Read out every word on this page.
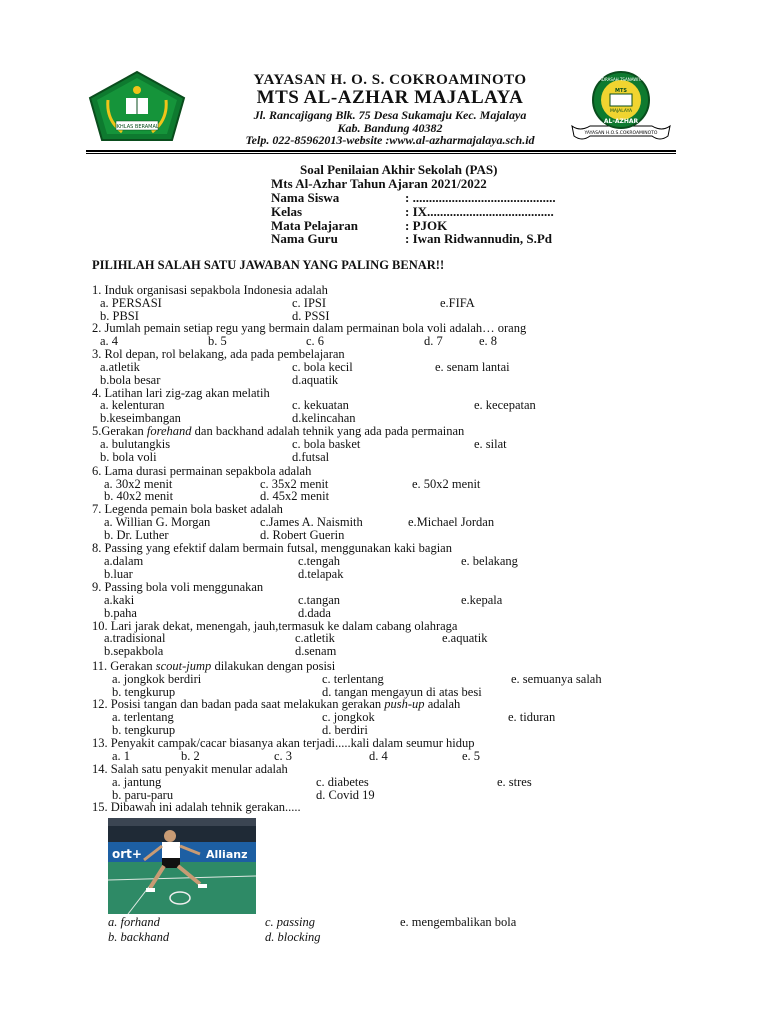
IKHLAS BERAMAL
YAYASAN H.O.S.COKROAMINOTO
MADRASAH TSANAWIYAH
MTS
MAJALAYA
AL-AZHAR
YAYASAN H. O. S. COKROAMINOTO
MTS AL-AZHAR MAJALAYA
Jl. Rancajigang Blk. 75 Desa Sukamaju Kec. Majalaya
Kab. Bandung 40382
Telp. 022-85962013-website :www.al-azharmajalaya.sch.id
Soal Penilaian Akhir Sekolah (PAS)
Mts Al-Azhar Tahun Ajaran 2021/2022
Nama Siswa	: ............................................
Kelas	: IX.......................................
Mata Pelajaran	: PJOK
Nama Guru	: Iwan Ridwannudin, S.Pd
PILIHLAH SALAH SATU JAWABAN YANG PALING BENAR!!
1. Induk organisasi sepakbola Indonesia adalah
a. PERSASI	c. IPSI	e.FIFA
b. PBSI	d. PSSI
2. Jumlah pemain setiap regu yang bermain dalam permainan bola voli adalah… orang
a. 4	b. 5	c. 6	d. 7	e. 8
3. Rol depan, rol belakang, ada pada pembelajaran
a.atletik	c. bola kecil	e. senam lantai
b.bola besar	d.aquatik
4. Latihan lari zig-zag akan melatih
a. kelenturan	c. kekuatan	e. kecepatan
b.keseimbangan	d.kelincahan
5.Gerakan forehand dan backhand adalah tehnik yang ada pada permainan
a. bulutangkis	c. bola basket	e. silat
b. bola voli	d.futsal
6. Lama durasi permainan sepakbola adalah
a. 30x2 menit	c. 35x2 menit	e. 50x2 menit
b. 40x2 menit	d. 45x2 menit
7. Legenda pemain bola basket adalah
a. Willian G. Morgan	c.James A. Naismith	e.Michael Jordan
b. Dr. Luther	d. Robert Guerin
8. Passing yang efektif dalam bermain futsal, menggunakan kaki bagian
a.dalam	c.tengah	e. belakang
b.luar	d.telapak
9. Passing bola voli menggunakan
a.kaki	c.tangan	e.kepala
b.paha	d.dada
10. Lari jarak dekat, menengah, jauh,termasuk ke dalam cabang olahraga
a.tradisional	c.atletik	e.aquatik
b.sepakbola	d.senam
11. Gerakan scout-jump dilakukan dengan posisi
a. jongkok berdiri	c. terlentang	e. semuanya salah
b. tengkurup	d. tangan mengayun di atas besi
12. Posisi tangan dan badan pada saat melakukan gerakan push-up adalah
a. terlentang	c. jongkok	e. tiduran
b. tengkurup	d. berdiri
13. Penyakit campak/cacar biasanya akan terjadi.....kali dalam seumur hidup
a. 1	b. 2	c. 3	d. 4	e. 5
14. Salah satu penyakit menular adalah
a. jantung	c. diabetes	e. stres
b. paru-paru	d. Covid 19
15. Dibawah ini adalah tehnik gerakan.....
ort+	Allianz
a. forhand	c. passing	e. mengembalikan bola
b. backhand	d. blocking
